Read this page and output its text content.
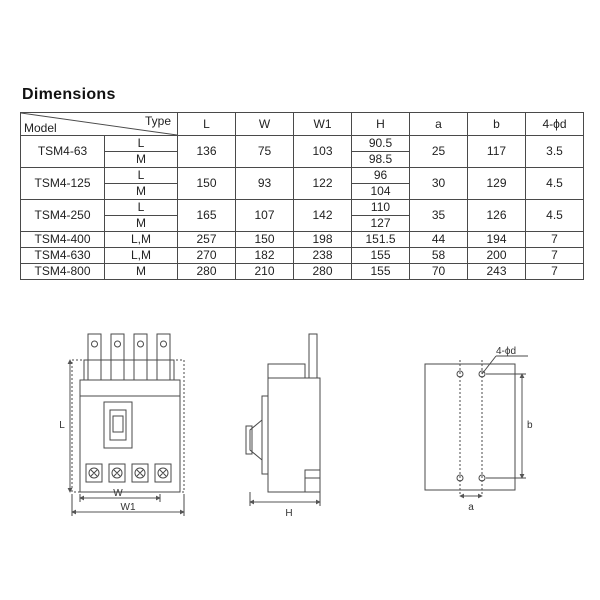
Dimensions
Type
Model		L	W	W1	H	a	b	4-ϕd
TSM4-63	L	136	75	103	90.5	25	117	3.5
	M				98.5			
TSM4-125	L	150	93	122	96	30	129	4.5
	M				104			
TSM4-250	L	165	107	142	110	35	126	4.5
	M				127			
TSM4-400	L,M	257	150	198	151.5	44	194	7
TSM4-630	L,M	270	182	238	155	58	200	7
TSM4-800	M	280	210	280	155	70	243	7
L
W
W1
H
4-ϕd
b
a
